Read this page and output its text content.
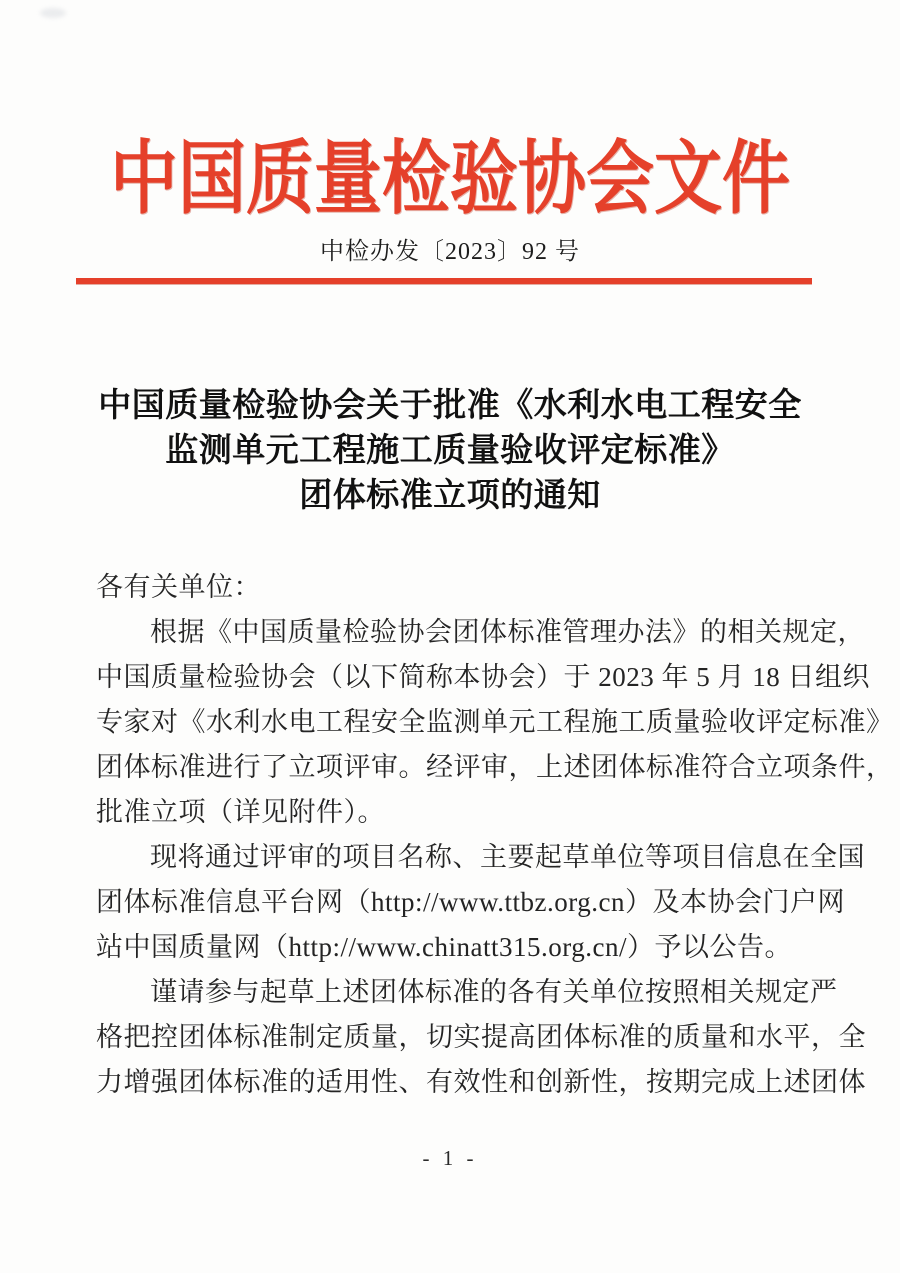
中国质量检验协会文件
中检办发〔2023〕92 号
中国质量检验协会关于批准《水利水电工程安全
监测单元工程施工质量验收评定标准》
团体标准立项的通知
各有关单位：
根据《中国质量检验协会团体标准管理办法》的相关规定，
中国质量检验协会（以下简称本协会）于 2023 年 5 月 18 日组织
专家对《水利水电工程安全监测单元工程施工质量验收评定标准》
团体标准进行了立项评审。经评审，上述团体标准符合立项条件，
批准立项（详见附件）。
现将通过评审的项目名称、主要起草单位等项目信息在全国
团体标准信息平台网（http://www.ttbz.org.cn）及本协会门户网
站中国质量网（http://www.chinatt315.org.cn/）予以公告。
谨请参与起草上述团体标准的各有关单位按照相关规定严
格把控团体标准制定质量，切实提高团体标准的质量和水平，全
力增强团体标准的适用性、有效性和创新性，按期完成上述团体
- 1 -
